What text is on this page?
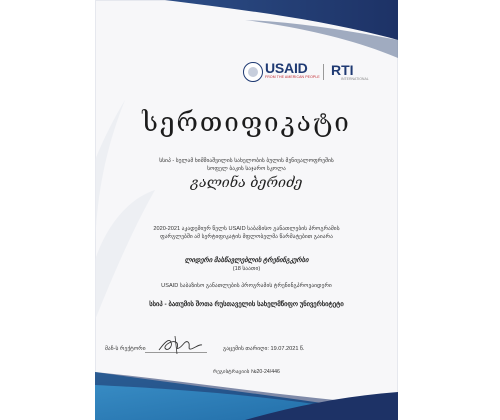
USAID
FROM THE AMERICAN PEOPLE RTI
INTERNATIONAL
სერთიფიკატი
სსიპ - სულამ ხიმშიაშვილის სახელობის ბულის მენივალოფრეშის
სოფელ ბაკის საჯარო სკოლა
გალინა ბერიძე
2020-2021 აკადემიურ წელს USAID საბაზისო განათლების პროგრამის
ფარგლებში ამ სერტიფიკატის მფლობელმა წარმატებით გაიარა
ლიდერი მასწავლებლის ტრენინგკურსი
(18 საათი)
USAID საბაზისო განათლების პროგრამის ტრენინგპროვაიდერი
სსიპ - ბათუმის შოთა რუსთაველის სახელმწიფო უნივერსიტეტი
მაჩ-ს რექტორი	გაცემის თარიღი: 19.07.2021 წ.
რეგისტრაციის №20-24/446
